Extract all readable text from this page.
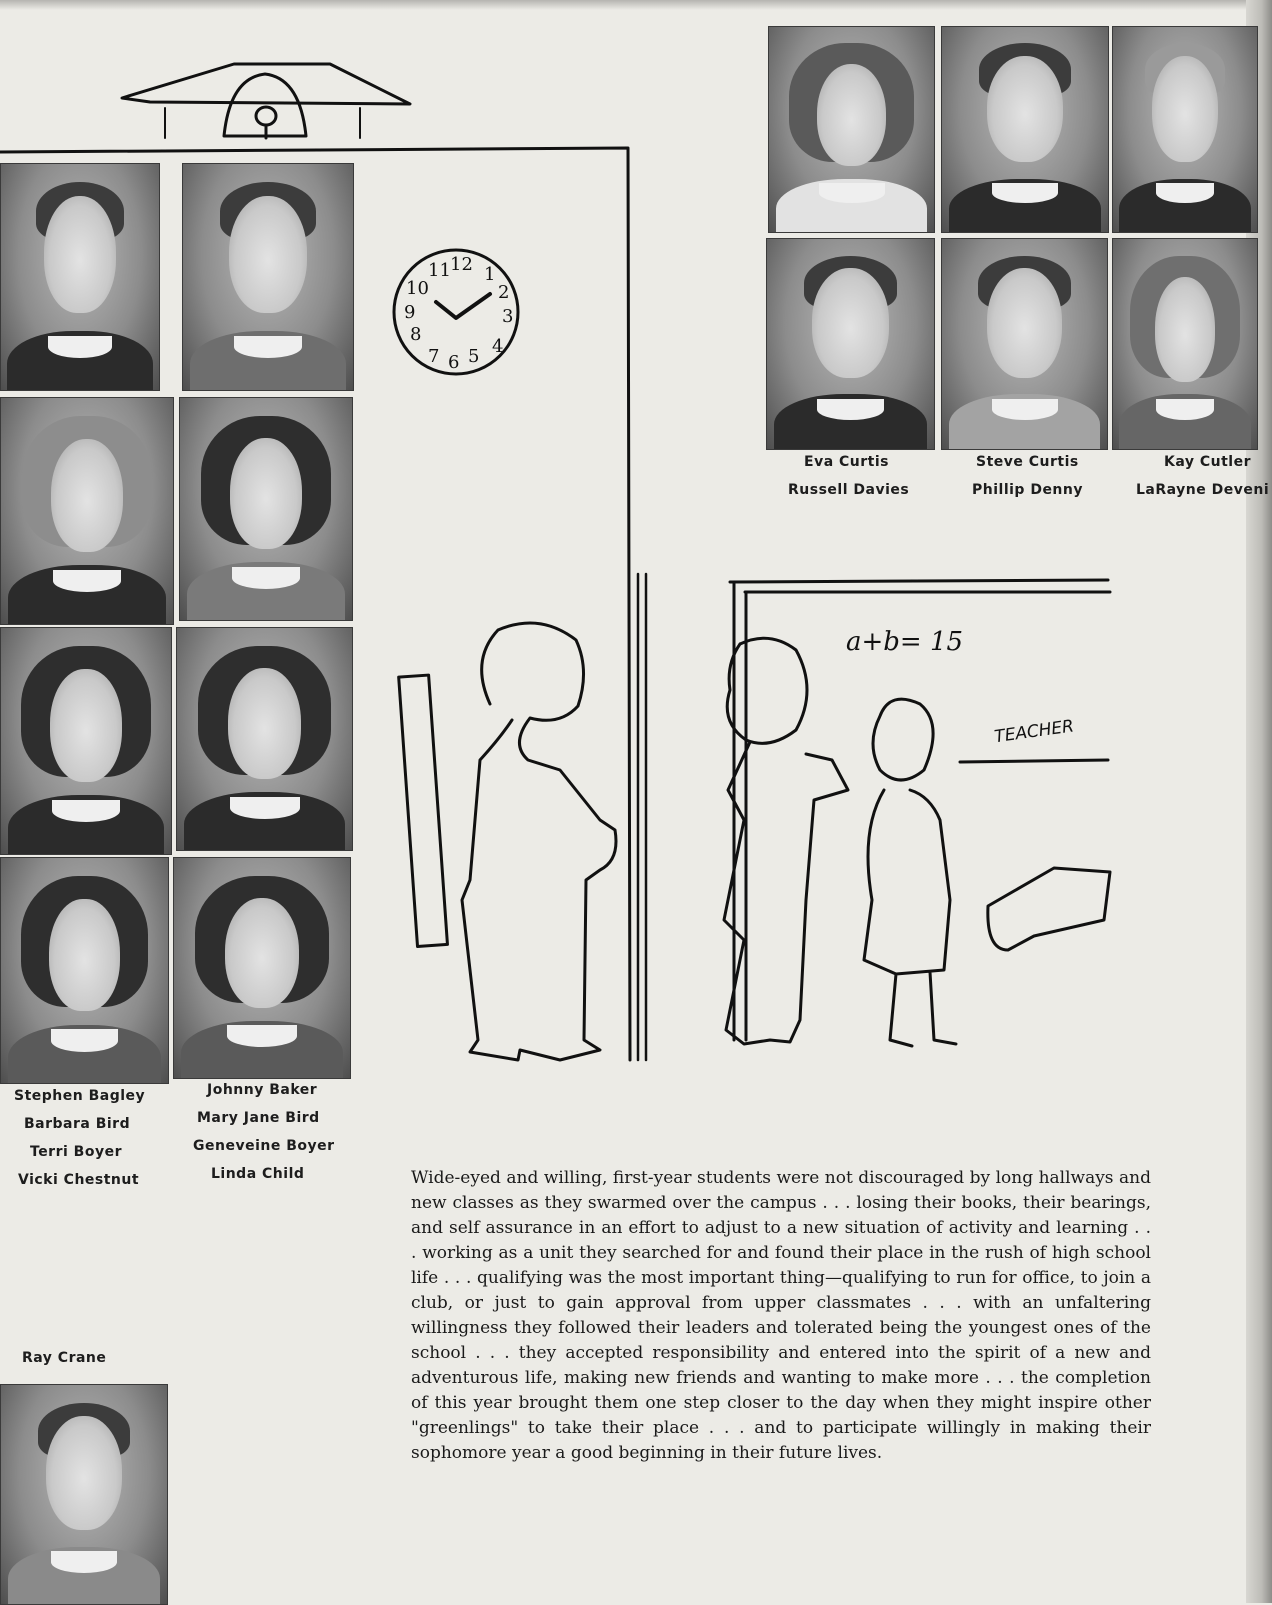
12 1
2
3
4
5
6
7
8
9
10
11
a+b= 15
TEACHER
Stephen Bagley
Barbara Bird
Terri Boyer
Vicki Chestnut
Johnny Baker
Mary Jane Bird
Geneveine Boyer
Linda Child
Eva Curtis	Steve Curtis	Kay Cutler
Russell Davies	Phillip Denny	LaRayne Deveni
Ray Crane
Wide-eyed and willing, first-year students were not discouraged by long hallways and new classes as they swarmed over the campus . . . losing their books, their bearings, and self assurance in an effort to adjust to a new situation of activity and learning . . . working as a unit they searched for and found their place in the rush of high school life . . . qualifying was the most important thing—qualifying to run for office, to join a club, or just to gain approval from upper classmates . . . with an unfaltering willingness they followed their leaders and tolerated being the youngest ones of the school . . . they accepted responsibility and entered into the spirit of a new and adventurous life, making new friends and wanting to make more . . . the completion of this year brought them one step closer to the day when they might inspire other "greenlings" to take their place . . . and to participate willingly in making their sophomore year a good beginning in their future lives.
